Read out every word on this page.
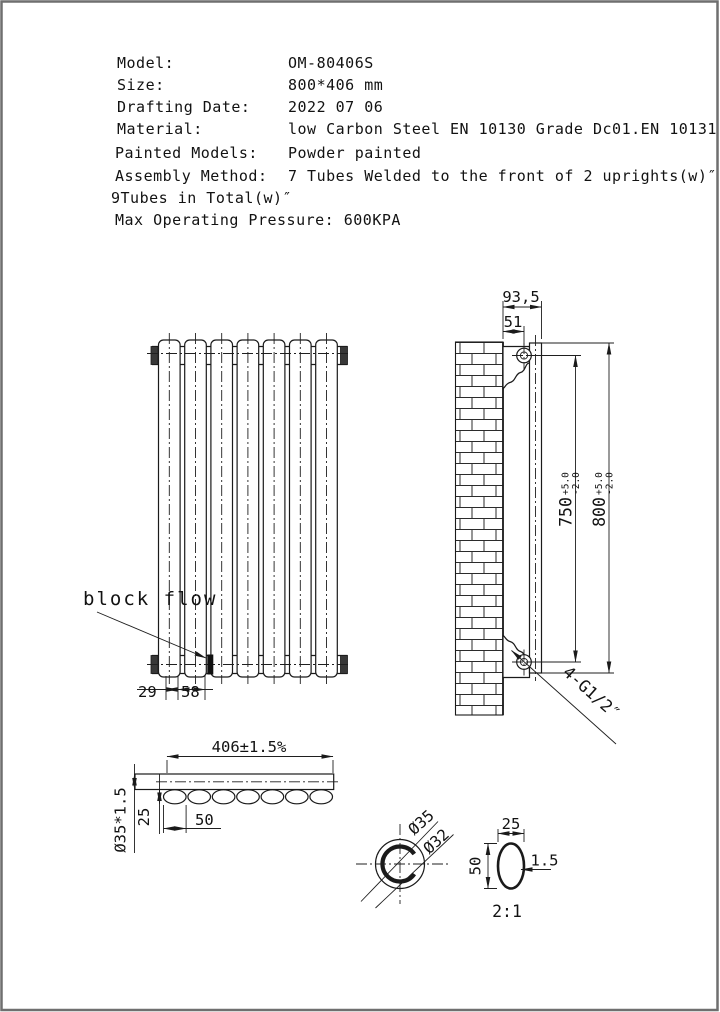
Model:	OM-80406S
Size:	800*406 mm
Drafting Date:	2022 07 06
Material:	low Carbon Steel EN 10130 Grade Dc01.EN 10131
Painted Models: Powder painted
Assembly Method: 7 Tubes Welded to the front of 2 uprights(w)″
9Tubes in Total(w)″
Max Operating Pressure: 600KPA
block flow
29 58
93,5
51
750
+5.0 -2.0
800
+5.0 -2.0
4-G1/2″
406±1.5%
Ø35*1.5 25	50	Ø35
Ø32
25
50	1.5
2:1
